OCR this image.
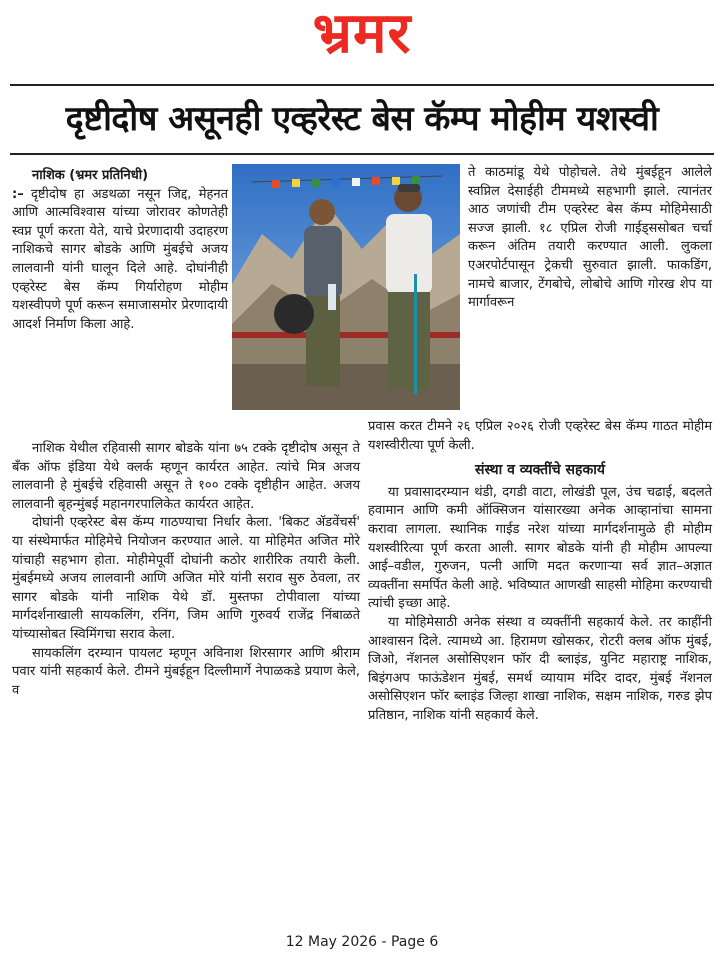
भ्रमर
दृष्टीदोष असूनही एव्हरेस्ट बेस कॅम्प मोहीम यशस्वी

नाशिक (भ्रमर प्रतिनिधी)
:– दृष्टीदोष हा अडथळा नसून जिद्द, मेहनत आणि आत्मविश्वास यांच्या जोरावर कोणतेही स्वप्न पूर्ण करता येते, याचे प्रेरणादायी उदाहरण नाशिकचे सागर बोडके आणि मुंबईचे अजय लालवानी यांनी घालून दिले आहे. दोघांनीही एव्हरेस्ट बेस कॅम्प गिर्यारोहण मोहीम यशस्वीपणे पूर्ण करून समाजासमोर प्रेरणादायी आदर्श निर्माण किला आहे.

ते काठमांडू येथे पोहोचले. तेथे मुंबईहून आलेले स्वप्निल देसाईही टीममध्ये सहभागी झाले. त्यानंतर आठ जणांची टीम एव्हरेस्ट बेस कॅम्प मोहिमेसाठी सज्ज झाली. १८ एप्रिल रोजी गाईड्ससोबत चर्चा करून अंतिम तयारी करण्यात आली. लुकला एअरपोर्टपासून ट्रेकची सुरुवात झाली. फाकडिंग, नामचे बाजार, टेंगबोचे, लोबोचे आणि गोरख शेप या मार्गावरून

नाशिक येथील रहिवासी सागर बोडके यांना ७५ टक्के दृष्टीदोष असून ते बँक ऑफ इंडिया येथे क्लर्क म्हणून कार्यरत आहेत. त्यांचे मित्र अजय लालवानी हे मुंबईचे रहिवासी असून ते १०० टक्के दृष्टीहीन आहेत. अजय लालवानी बृहन्मुंबई महानगरपालिकेत कार्यरत आहेत.

दोघांनी एव्हरेस्ट बेस कॅम्प गाठण्याचा निर्धार केला. 'बिकट ॲडवेंचर्स' या संस्थेमार्फत मोहिमेचे नियोजन करण्यात आले. या मोहिमेत अजित मोरे यांचाही सहभाग होता. मोहीमेपूर्वी दोघांनी कठोर शारीरिक तयारी केली. मुंबईमध्ये अजय लालवानी आणि अजित मोरे यांनी सराव सुरु ठेवला, तर सागर बोडके यांनी नाशिक येथे डॉ. मुस्तफा टोपीवाला यांच्या मार्गदर्शनाखाली सायकलिंग, रनिंग, जिम आणि गुरुवर्य राजेंद्र निंबाळते यांच्यासोबत स्विमिंगचा सराव केला.

सायकलिंग दरम्यान पायलट म्हणून अविनाश शिरसागर आणि श्रीराम पवार यांनी सहकार्य केले. टीमने मुंबईहून दिल्लीमार्गे नेपाळकडे प्रयाण केले, व

प्रवास करत टीमने २६ एप्रिल २०२६ रोजी एव्हरेस्ट बेस कॅम्प गाठत मोहीम यशस्वीरीत्या पूर्ण केली.

संस्था व व्यक्तींचे सहकार्य

या प्रवासादरम्यान थंडी, दगडी वाटा, लोखंडी पूल, उंच चढाई, बदलते हवामान आणि कमी ऑक्सिजन यांसारख्या अनेक आव्हानांचा सामना करावा लागला. स्थानिक गाईड नरेश यांच्या मार्गदर्शनामुळे ही मोहीम यशस्वीरित्या पूर्ण करता आली. सागर बोडके यांनी ही मोहीम आपल्या आई–वडील, गुरुजन, पत्नी आणि मदत करणाऱ्या सर्व ज्ञात–अज्ञात व्यक्तींना समर्पित केली आहे. भविष्यात आणखी साहसी मोहिमा करण्याची त्यांची इच्छा आहे.

या मोहिमेसाठी अनेक संस्था व व्यक्तींनी सहकार्य केले. तर काहींनी आश्वासन दिले. त्यामध्ये आ. हिरामण खोसकर, रोटरी क्लब ऑफ मुंबई, जिओ, नॅशनल असोसिएशन फॉर दी ब्लाइंड, युनिट महाराष्ट्र नाशिक, बिइंगअप फाऊंडेशन मुंबई, समर्थ व्यायाम मंदिर दादर, मुंबई नॅशनल असोसिएशन फॉर ब्लाइंड जिल्हा शाखा नाशिक, सक्षम नाशिक, गरुड झेप प्रतिष्ठान, नाशिक यांनी सहकार्य केले.

12 May 2026 - Page 6
